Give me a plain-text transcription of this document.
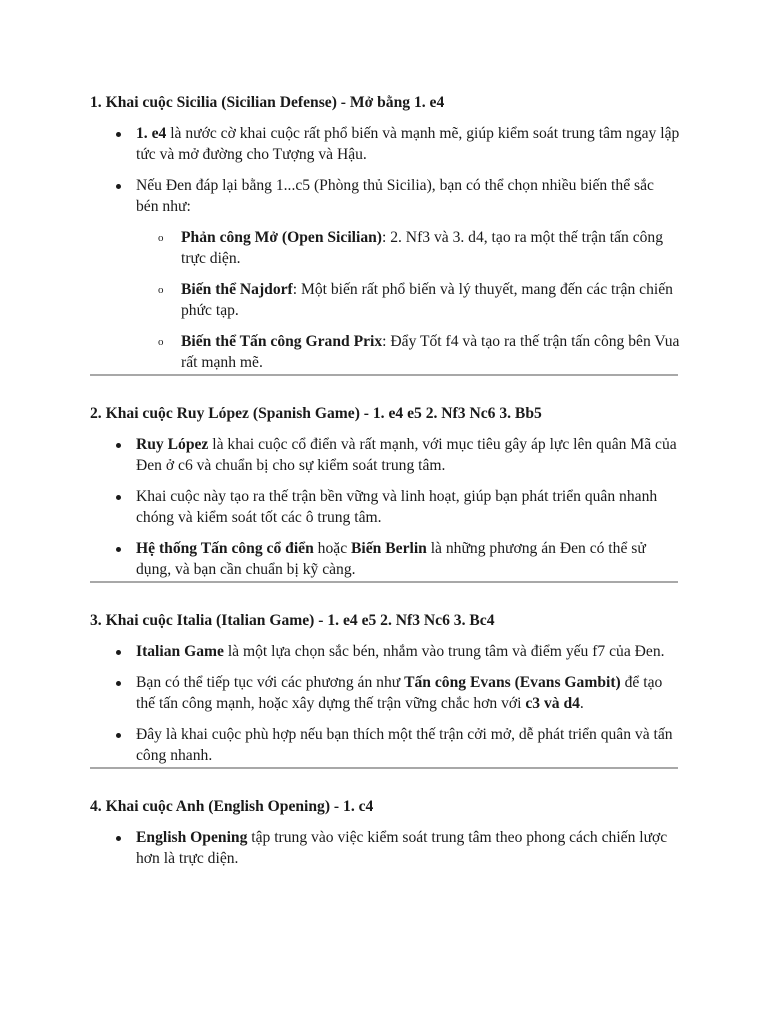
1. Khai cuộc Sicilia (Sicilian Defense) - Mở bằng 1. e4

1. e4 là nước cờ khai cuộc rất phổ biến và mạnh mẽ, giúp kiểm soát trung tâm ngay lập tức và mở đường cho Tượng và Hậu.
Nếu Đen đáp lại bằng 1...c5 (Phòng thủ Sicilia), bạn có thể chọn nhiều biến thể sắc bén như:
o Phản công Mở (Open Sicilian): 2. Nf3 và 3. d4, tạo ra một thế trận tấn công trực diện.
o Biến thể Najdorf: Một biến rất phổ biến và lý thuyết, mang đến các trận chiến phức tạp.
o Biến thể Tấn công Grand Prix: Đẩy Tốt f4 và tạo ra thế trận tấn công bên Vua rất mạnh mẽ.

2. Khai cuộc Ruy López (Spanish Game) - 1. e4 e5 2. Nf3 Nc6 3. Bb5

Ruy López là khai cuộc cổ điển và rất mạnh, với mục tiêu gây áp lực lên quân Mã của Đen ở c6 và chuẩn bị cho sự kiểm soát trung tâm.
Khai cuộc này tạo ra thế trận bền vững và linh hoạt, giúp bạn phát triển quân nhanh chóng và kiểm soát tốt các ô trung tâm.
Hệ thống Tấn công cổ điển hoặc Biến Berlin là những phương án Đen có thể sử dụng, và bạn cần chuẩn bị kỹ càng.

3. Khai cuộc Italia (Italian Game) - 1. e4 e5 2. Nf3 Nc6 3. Bc4

Italian Game là một lựa chọn sắc bén, nhắm vào trung tâm và điểm yếu f7 của Đen.
Bạn có thể tiếp tục với các phương án như Tấn công Evans (Evans Gambit) để tạo thế tấn công mạnh, hoặc xây dựng thế trận vững chắc hơn với c3 và d4.
Đây là khai cuộc phù hợp nếu bạn thích một thế trận cởi mở, dễ phát triển quân và tấn công nhanh.

4. Khai cuộc Anh (English Opening) - 1. c4

English Opening tập trung vào việc kiểm soát trung tâm theo phong cách chiến lược hơn là trực diện.
